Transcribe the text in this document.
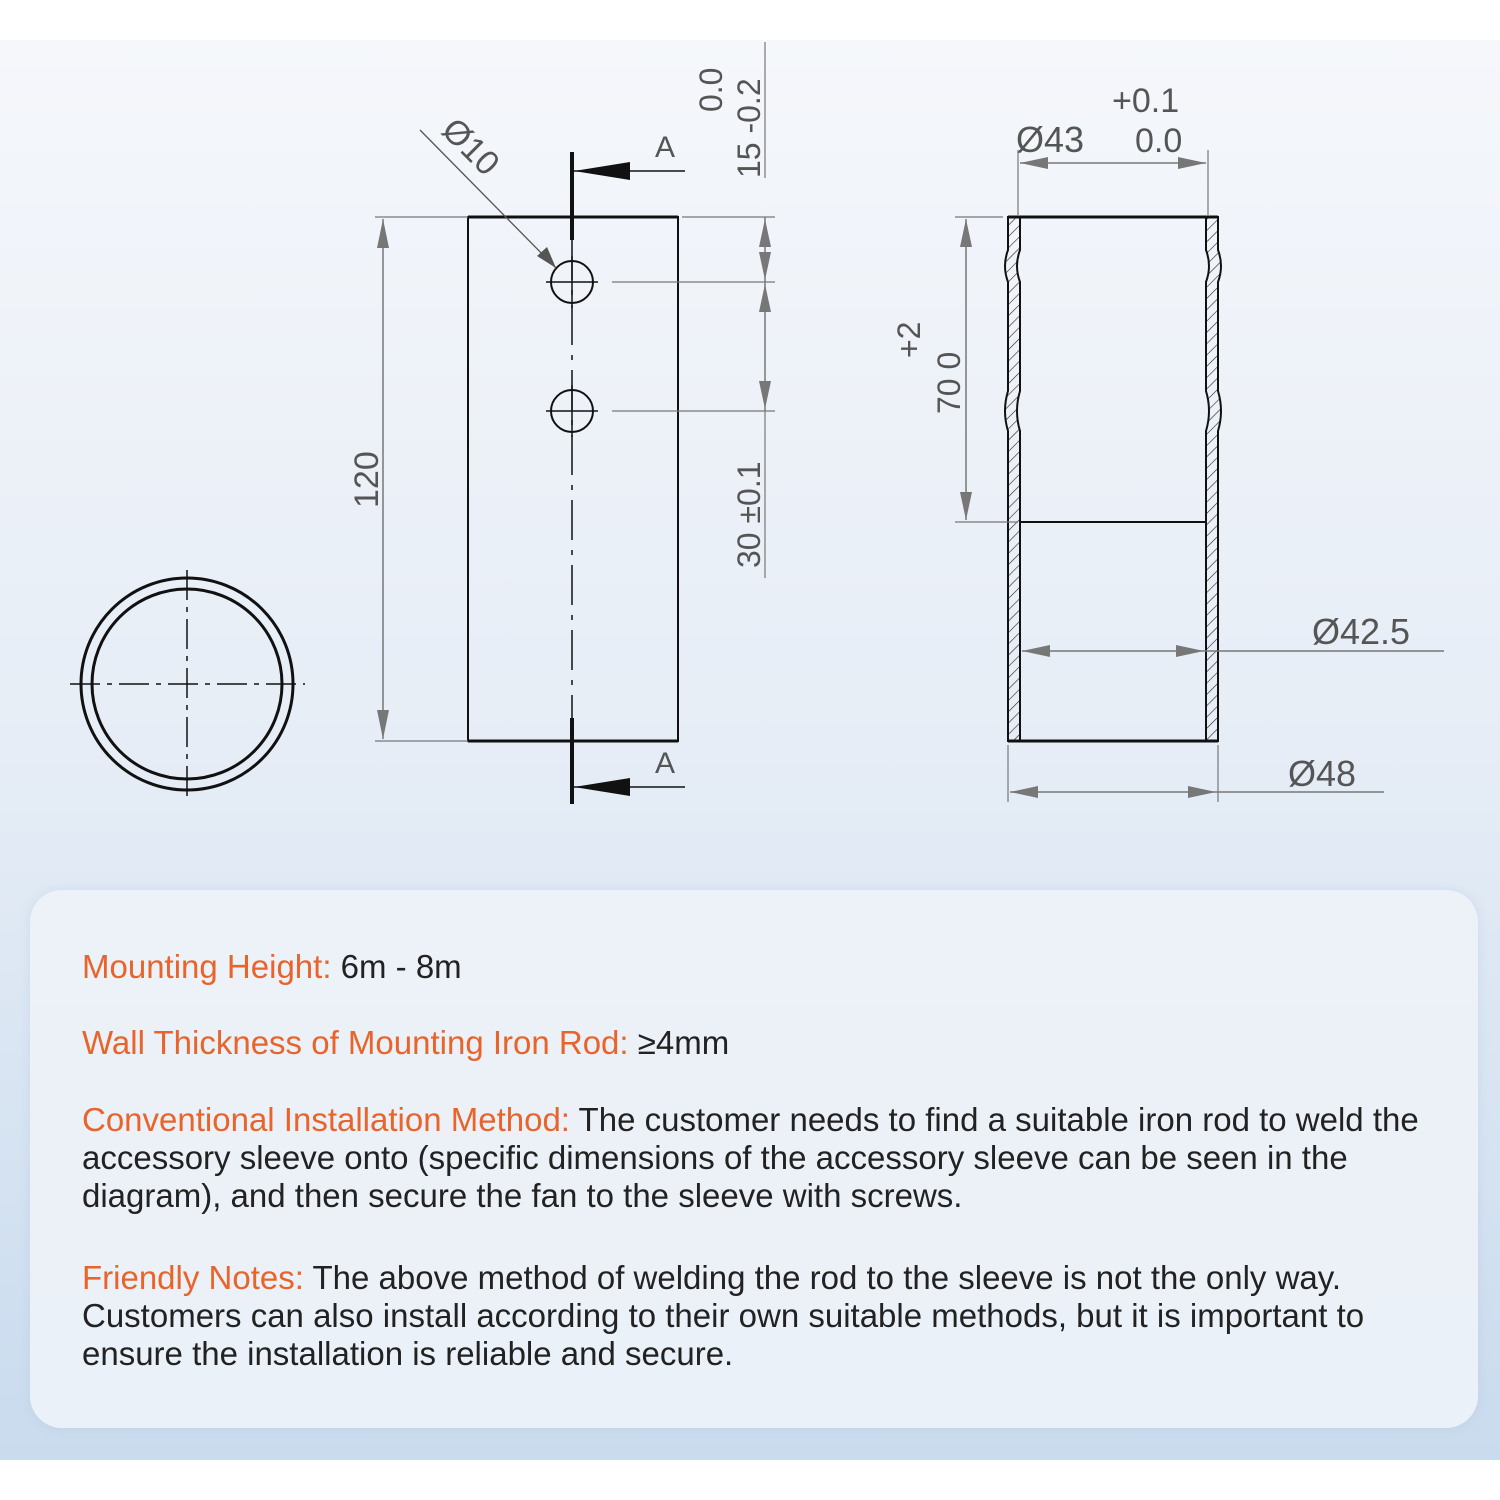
A
A
Ø10
120
0.0 15 -0.2
30 ±0.1
Ø43
+0.1
0.0
+2
70 0
Ø42.5
Ø48
Mounting Height: 6m - 8m
Wall Thickness of Mounting Iron Rod: ≥4mm
Conventional Installation Method: The customer needs to find a suitable iron rod to weld the accessory sleeve onto (specific dimensions of the accessory sleeve can be seen in the diagram), and then secure the fan to the sleeve with screws.
Friendly Notes: The above method of welding the rod to the sleeve is not the only way. Customers can also install according to their own suitable methods, but it is important to ensure the installation is reliable and secure.
